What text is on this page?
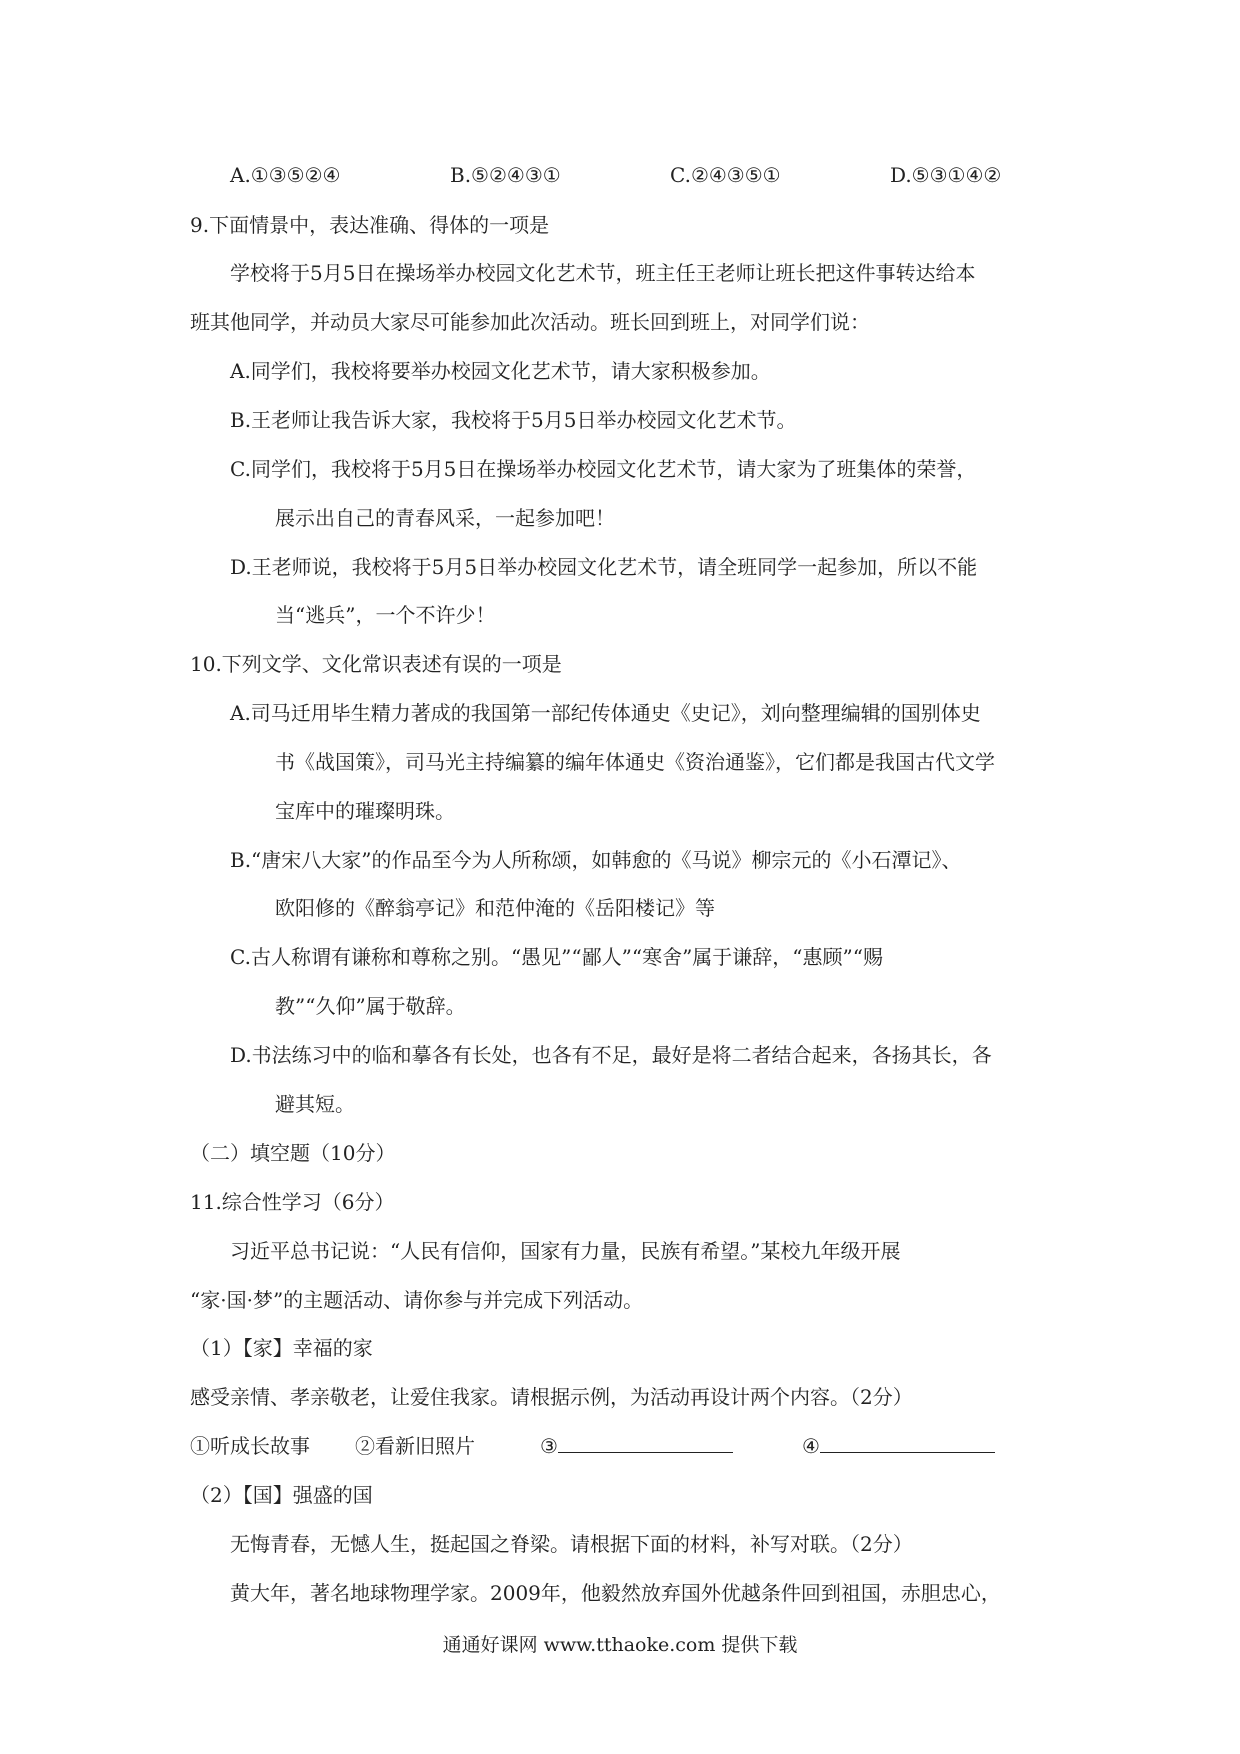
A.①③⑤②④	B.⑤②④③①	C.②④③⑤①	D.⑤③①④②
9.下面情景中，表达准确、得体的一项是
学校将于5月5日在操场举办校园文化艺术节，班主任王老师让班长把这件事转达给本
班其他同学，并动员大家尽可能参加此次活动。班长回到班上，对同学们说：
A.同学们，我校将要举办校园文化艺术节，请大家积极参加。
B.王老师让我告诉大家，我校将于5月5日举办校园文化艺术节。
C.同学们，我校将于5月5日在操场举办校园文化艺术节，请大家为了班集体的荣誉，
展示出自己的青春风采，一起参加吧！
D.王老师说，我校将于5月5日举办校园文化艺术节，请全班同学一起参加，所以不能
当“逃兵”，一个不许少！
10.下列文学、文化常识表述有误的一项是
A.司马迁用毕生精力著成的我国第一部纪传体通史《史记》，刘向整理编辑的国别体史
书《战国策》，司马光主持编纂的编年体通史《资治通鉴》，它们都是我国古代文学
宝库中的璀璨明珠。
B.“唐宋八大家”的作品至今为人所称颂，如韩愈的《马说》柳宗元的《小石潭记》、
欧阳修的《醉翁亭记》和范仲淹的《岳阳楼记》等
C.古人称谓有谦称和尊称之别。“愚见”“鄙人”“寒舍”属于谦辞，“惠顾”“赐
教”“久仰”属于敬辞。
D.书法练习中的临和摹各有长处，也各有不足，最好是将二者结合起来，各扬其长，各
避其短。
（二）填空题（10分）
11.综合性学习（6分）
习近平总书记说：“人民有信仰，国家有力量，民族有希望。”某校九年级开展
“家·国·梦”的主题活动、请你参与并完成下列活动。
（1）【家】幸福的家
感受亲情、孝亲敬老，让爱住我家。请根据示例，为活动再设计两个内容。（2分）
①听成长故事 ②看新旧照片	③	④
（2）【国】强盛的国
无悔青春，无憾人生，挺起国之脊梁。请根据下面的材料，补写对联。（2分）
黄大年，著名地球物理学家。2009年，他毅然放弃国外优越条件回到祖国，赤胆忠心，
通通好课网 www.tthaoke.com 提供下载
